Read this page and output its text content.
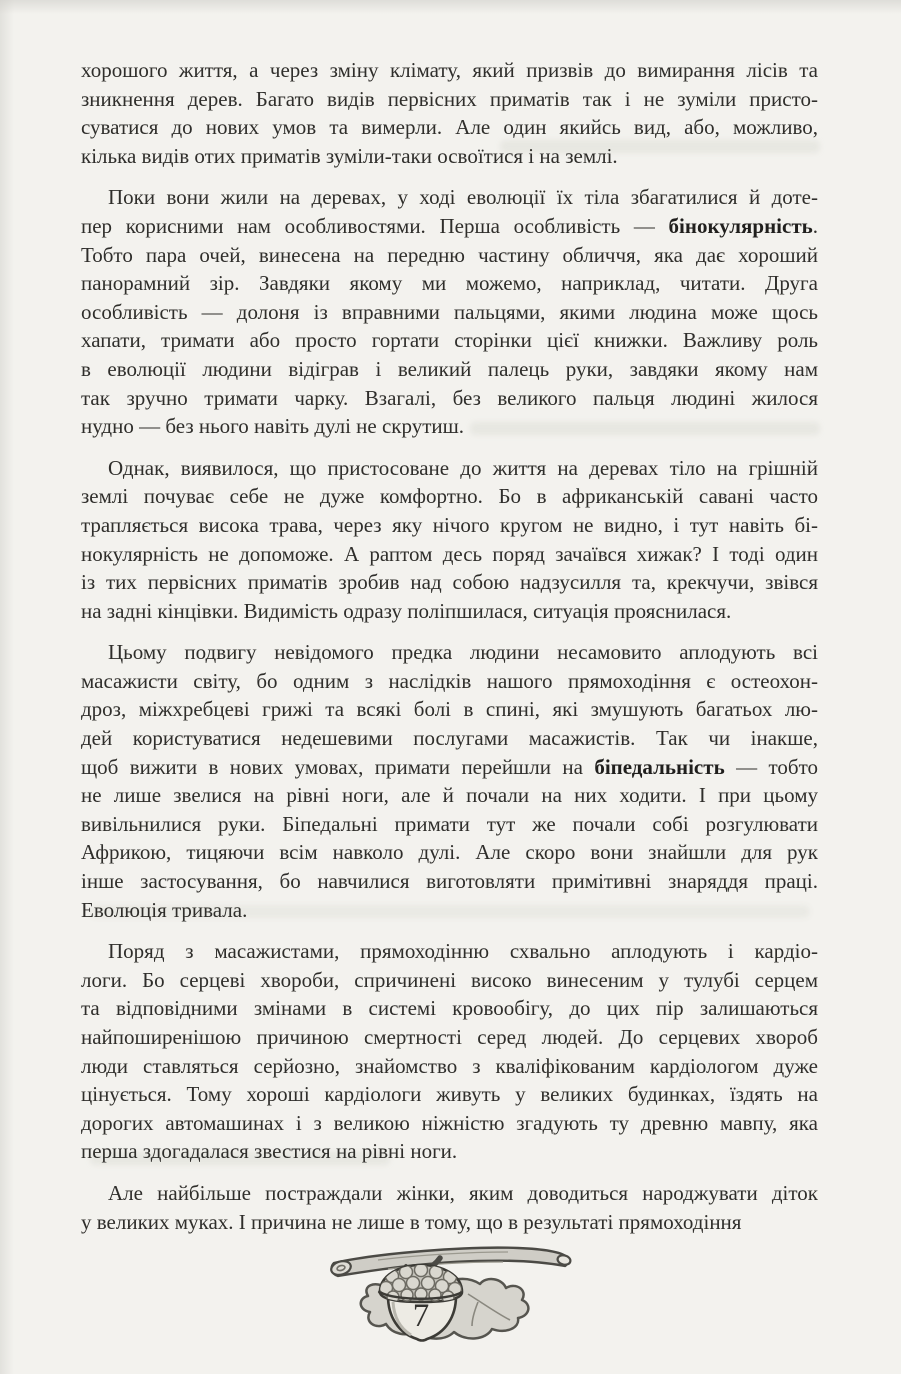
хорошого життя, а через зміну клімату, який призвів до вимирання лісів та
зникнення дерев. Багато видів первісних приматів так і не зуміли присто-
суватися до нових умов та вимерли. Але один якийсь вид, або, можливо,
кілька видів отих приматів зуміли-таки освоїтися і на землі.
Поки вони жили на деревах, у ході еволюції їх тіла збагатилися й доте-
пер корисними нам особливостями. Перша особливість — бінокулярність.
Тобто пара очей, винесена на передню частину обличчя, яка дає хороший
панорамний зір. Завдяки якому ми можемо, наприклад, читати. Друга
особливість — долоня із вправними пальцями, якими людина може щось
хапати, тримати або просто гортати сторінки цієї книжки. Важливу роль
в еволюції людини відіграв і великий палець руки, завдяки якому нам
так зручно тримати чарку. Взагалі, без великого пальця людині жилося
нудно — без нього навіть дулі не скрутиш.
Однак, виявилося, що пристосоване до життя на деревах тіло на грішній
землі почуває себе не дуже комфортно. Бо в африканській савані часто
трапляється висока трава, через яку нічого кругом не видно, і тут навіть бі-
нокулярність не допоможе. А раптом десь поряд зачаївся хижак? І тоді один
із тих первісних приматів зробив над собою надзусилля та, крекчучи, звівся
на задні кінцівки. Видимість одразу поліпшилася, ситуація прояснилася.
Цьому подвигу невідомого предка людини несамовито аплодують всі
масажисти світу, бо одним з наслідків нашого прямоходіння є остеохон-
дроз, міжхребцеві грижі та всякі болі в спині, які змушують багатьох лю-
дей користуватися недешевими послугами масажистів. Так чи інакше,
щоб вижити в нових умовах, примати перейшли на біпедальність — тобто
не лише звелися на рівні ноги, але й почали на них ходити. І при цьому
вивільнилися руки. Біпедальні примати тут же почали собі розгулювати
Африкою, тицяючи всім навколо дулі. Але скоро вони знайшли для рук
інше застосування, бо навчилися виготовляти примітивні знаряддя праці.
Еволюція тривала.
Поряд з масажистами, прямоходінню схвально аплодують і кардіо-
логи. Бо серцеві хвороби, спричинені високо винесеним у тулубі серцем
та відповідними змінами в системі кровообігу, до цих пір залишаються
найпоширенішою причиною смертності серед людей. До серцевих хвороб
люди ставляться серйозно, знайомство з кваліфікованим кардіологом дуже
цінується. Тому хороші кардіологи живуть у великих будинках, їздять на
дорогих автомашинах і з великою ніжністю згадують ту древню мавпу, яка
перша здогадалася звестися на рівні ноги.
Але найбільше постраждали жінки, яким доводиться народжувати діток
у великих муках. І причина не лише в тому, що в результаті прямоходіння
7
